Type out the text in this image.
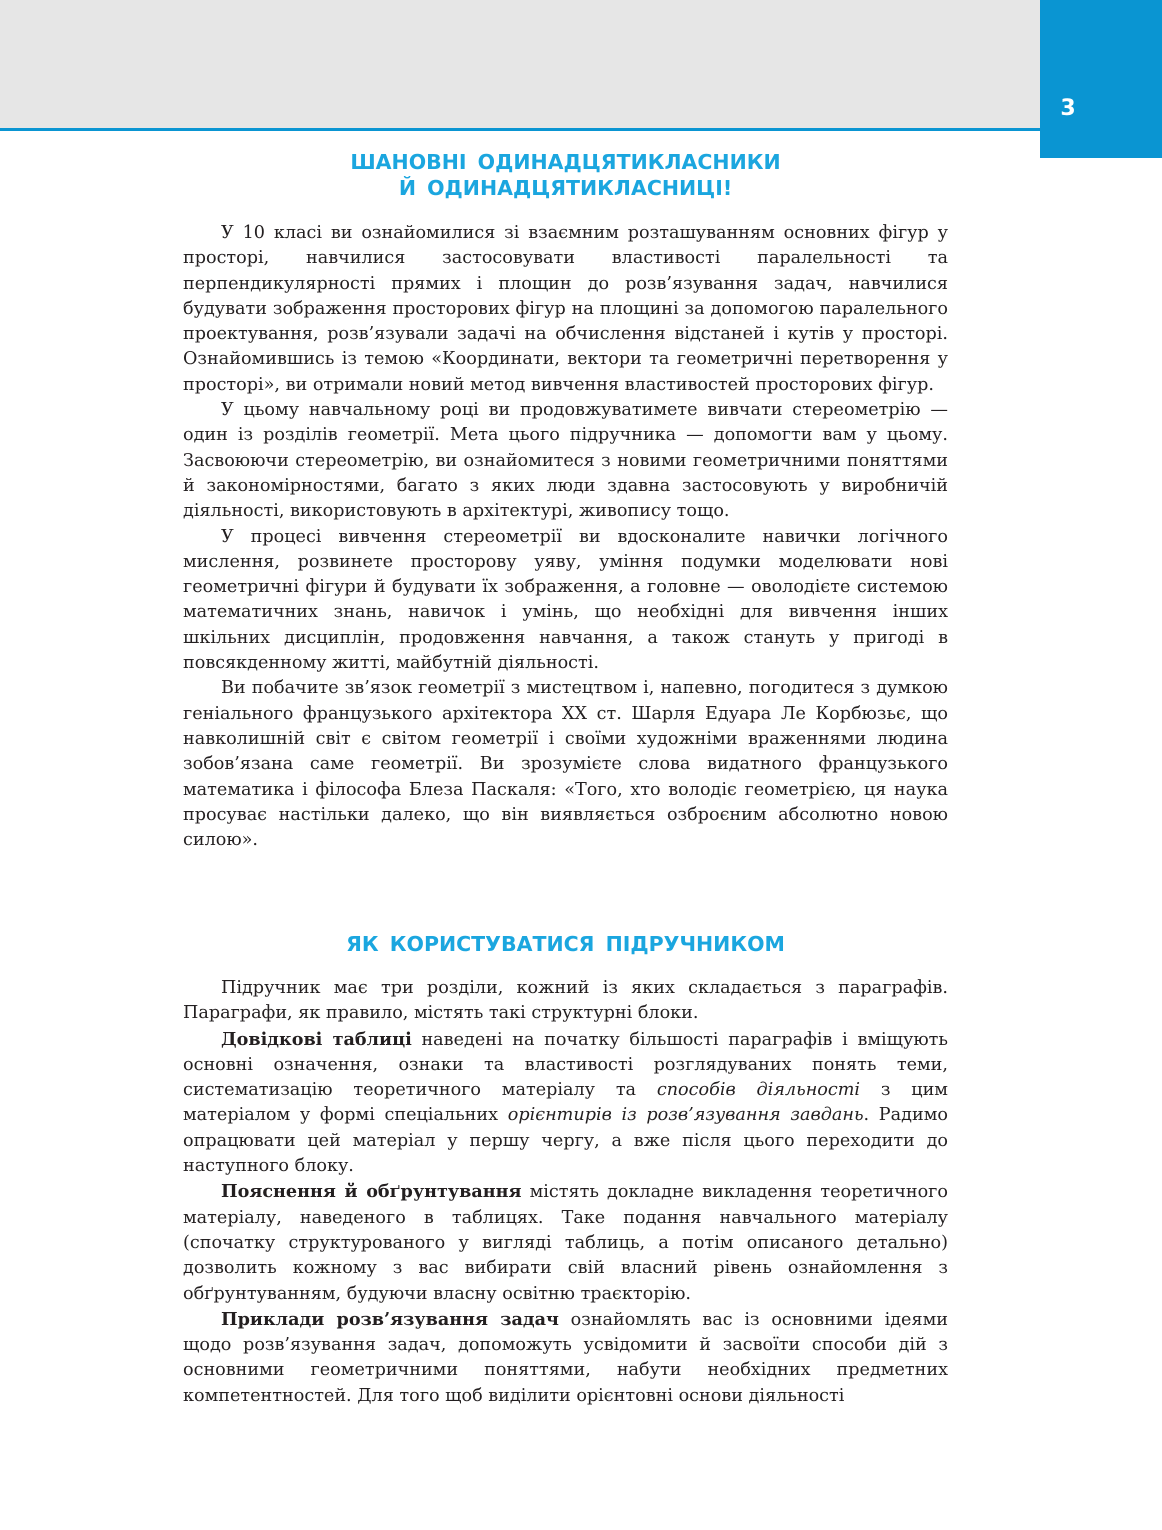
3
ШАНОВНІ ОДИНАДЦЯТИКЛАСНИКИ
Й ОДИНАДЦЯТИКЛАСНИЦІ!

У 10 класі ви ознайомилися зі взаємним розташуванням основних фігур у просторі, навчилися застосовувати властивості паралельності та перпендикулярності прямих і площин до розв’язування задач, навчилися будувати зображення просторових фігур на площині за допомогою паралельного проектування, розв’язували задачі на обчислення відстаней і кутів у просторі. Ознайомившись із темою «Координати, вектори та геометричні перетворення у просторі», ви отримали новий метод вивчення властивостей просторових фігур.

У цьому навчальному році ви продовжуватимете вивчати стереометрію — один із розділів геометрії. Мета цього підручника — допомогти вам у цьому. Засвоюючи стереометрію, ви ознайомитеся з новими геометричними поняттями й закономірностями, багато з яких люди здавна застосовують у виробничій діяльності, використовують в архітектурі, живопису тощо.

У процесі вивчення стереометрії ви вдосконалите навички логічного мислення, розвинете просторову уяву, уміння подумки моделювати нові геометричні фігури й будувати їх зображення, а головне — оволодієте системою математичних знань, навичок і умінь, що необхідні для вивчення інших шкільних дисциплін, продовження навчання, а також стануть у пригоді в повсякденному житті, майбутній діяльності.

Ви побачите зв’язок геометрії з мистецтвом і, напевно, погодитеся з думкою геніального французького архітектора XX ст. Шарля Едуара Ле Корбюзьє, що навколишній світ є світом геометрії і своїми художніми враженнями людина зобов’язана саме геометрії. Ви зрозумієте слова видатного французького математика і філософа Блеза Паскаля: «Того, хто володіє геометрією, ця наука просуває настільки далеко, що він виявляється озброєним абсолютно новою силою».

ЯК КОРИСТУВАТИСЯ ПІДРУЧНИКОМ

Підручник має три розділи, кожний із яких складається з параграфів. Параграфи, як правило, містять такі структурні блоки.

Довідкові таблиці наведені на початку більшості параграфів і вміщують основні означення, ознаки та властивості розглядуваних понять теми, систематизацію теоретичного матеріалу та способів діяльності з цим матеріалом у формі спеціальних орієнтирів із розв’язування завдань. Радимо опрацювати цей матеріал у першу чергу, а вже після цього переходити до наступного блоку.

Пояснення й обґрунтування містять докладне викладення теоретичного матеріалу, наведеного в таблицях. Таке подання навчального матеріалу (спочатку структурованого у вигляді таблиць, а потім описаного детально) дозволить кожному з вас вибирати свій власний рівень ознайомлення з обґрунтуванням, будуючи власну освітню траєкторію.

Приклади розв’язування задач ознайомлять вас із основними ідеями щодо розв’язування задач, допоможуть усвідомити й засвоїти способи дій з основними геометричними поняттями, набути необхідних предметних компетентностей. Для того щоб виділити орієнтовні основи діяльності
